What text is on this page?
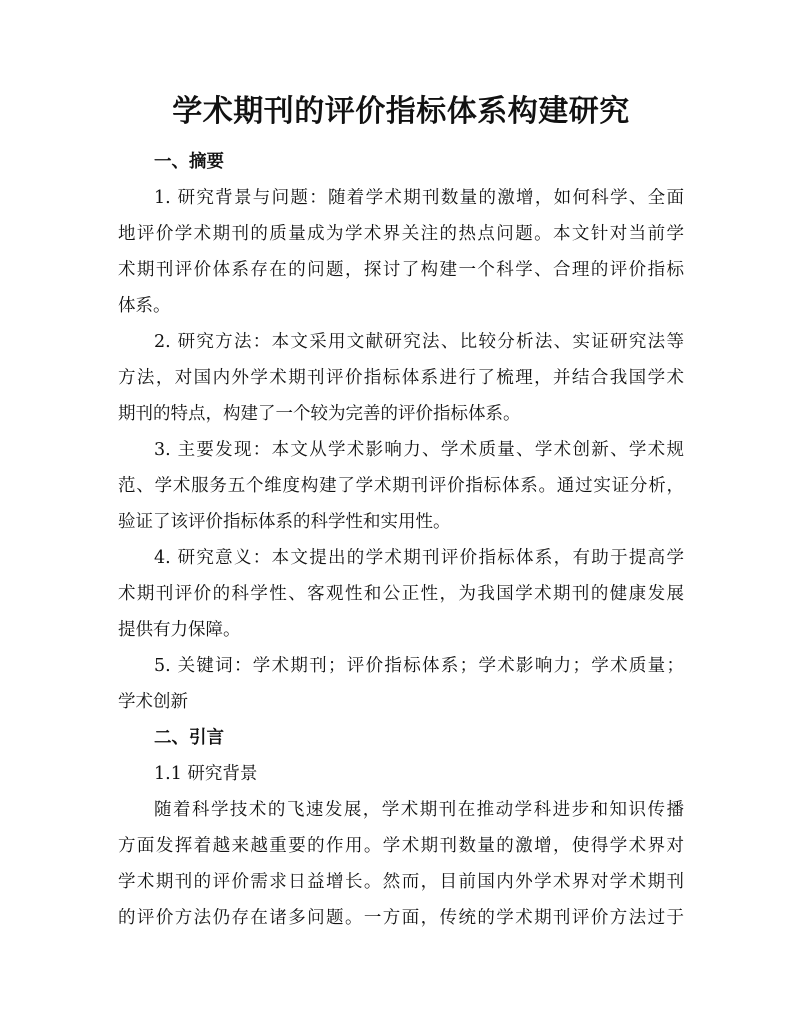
学术期刊的评价指标体系构建研究
一、摘要

1. 研究背景与问题：随着学术期刊数量的激增，如何科学、全面
地评价学术期刊的质量成为学术界关注的热点问题。本文针对当前学
术期刊评价体系存在的问题，探讨了构建一个科学、合理的评价指标
体系。

2. 研究方法：本文采用文献研究法、比较分析法、实证研究法等
方法，对国内外学术期刊评价指标体系进行了梳理，并结合我国学术
期刊的特点，构建了一个较为完善的评价指标体系。

3. 主要发现：本文从学术影响力、学术质量、学术创新、学术规
范、学术服务五个维度构建了学术期刊评价指标体系。通过实证分析，
验证了该评价指标体系的科学性和实用性。

4. 研究意义：本文提出的学术期刊评价指标体系，有助于提高学
术期刊评价的科学性、客观性和公正性，为我国学术期刊的健康发展
提供有力保障。

5. 关键词：学术期刊；评价指标体系；学术影响力；学术质量；
学术创新

二、引言
1.1 研究背景

随着科学技术的飞速发展，学术期刊在推动学科进步和知识传播
方面发挥着越来越重要的作用。学术期刊数量的激增，使得学术界对
学术期刊的评价需求日益增长。然而，目前国内外学术界对学术期刊
的评价方法仍存在诸多问题。一方面，传统的学术期刊评价方法过于
